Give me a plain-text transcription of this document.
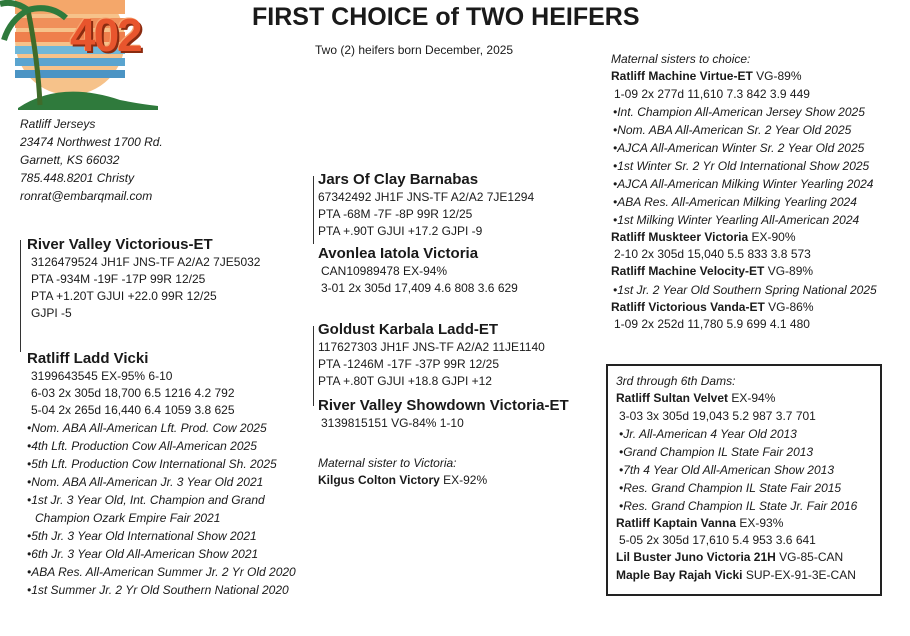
402	FIRST CHOICE of TWO HEIFERS
Two (2) heifers born December, 2025
Ratliff Jerseys
23474 Northwest 1700 Rd.
Garnett, KS 66032
785.448.8201 Christy
ronrat@embarqmail.com
River Valley Victorious-ET
3126479524 JH1F JNS-TF A2/A2 7JE5032
PTA -934M -19F -17P 99R 12/25
PTA +1.20T GJUI +22.0 99R 12/25
GJPI -5
Ratliff Ladd Vicki
3199643545 EX-95% 6-10
6-03 2x 305d 18,700 6.5 1216 4.2 792
5-04 2x 265d 16,440 6.4 1059 3.8 625
•Nom. ABA All-American Lft. Prod. Cow 2025
•4th Lft. Production Cow All-American 2025
•5th Lft. Production Cow International Sh. 2025
•Nom. ABA All-American Jr. 3 Year Old 2021
•1st Jr. 3 Year Old, Int. Champion and Grand
Champion Ozark Empire Fair 2021
•5th Jr. 3 Year Old International Show 2021
•6th Jr. 3 Year Old All-American Show 2021
•ABA Res. All-American Summer Jr. 2 Yr Old 2020
•1st Summer Jr. 2 Yr Old Southern National 2020
Jars Of Clay Barnabas
67342492 JH1F JNS-TF A2/A2 7JE1294
PTA -68M -7F -8P 99R 12/25
PTA +.90T GJUI +17.2 GJPI -9
Avonlea Iatola Victoria
CAN10989478 EX-94%
3-01 2x 305d 17,409 4.6 808 3.6 629
Goldust Karbala Ladd-ET
117627303 JH1F JNS-TF A2/A2 11JE1140
PTA -1246M -17F -37P 99R 12/25
PTA +.80T GJUI +18.8 GJPI +12
River Valley Showdown Victoria-ET
3139815151 VG-84% 1-10
Maternal sister to Victoria:
Kilgus Colton Victory EX-92%
Maternal sisters to choice:
Ratliff Machine Virtue-ET VG-89%
1-09 2x 277d 11,610 7.3 842 3.9 449
•Int. Champion All-American Jersey Show 2025
•Nom. ABA All-American Sr. 2 Year Old 2025
•AJCA All-American Winter Sr. 2 Year Old 2025
•1st Winter Sr. 2 Yr Old International Show 2025
•AJCA All-American Milking Winter Yearling 2024
•ABA Res. All-American Milking Yearling 2024
•1st Milking Winter Yearling All-American 2024
Ratliff Muskteer Victoria EX-90%
2-10 2x 305d 15,040 5.5 833 3.8 573
Ratliff Machine Velocity-ET VG-89%
•1st Jr. 2 Year Old Southern Spring National 2025
Ratliff Victorious Vanda-ET VG-86%
1-09 2x 252d 11,780 5.9 699 4.1 480
3rd through 6th Dams:
Ratliff Sultan Velvet EX-94%
3-03 3x 305d 19,043 5.2 987 3.7 701
•Jr. All-American 4 Year Old 2013
•Grand Champion IL State Fair 2013
•7th 4 Year Old All-American Show 2013
•Res. Grand Champion IL State Fair 2015
•Res. Grand Champion IL State Jr. Fair 2016
Ratliff Kaptain Vanna EX-93%
5-05 2x 305d 17,610 5.4 953 3.6 641
Lil Buster Juno Victoria 21H VG-85-CAN
Maple Bay Rajah Vicki SUP-EX-91-3E-CAN
